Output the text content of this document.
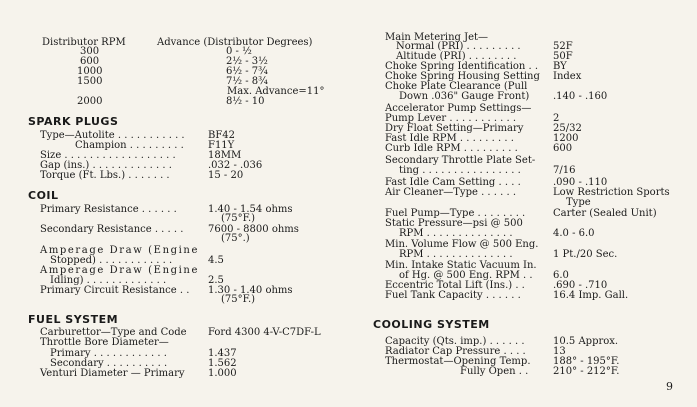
Distributor RPM	Advance (Distributor Degrees)
300	0 - ½
600	2½ - 3½
1000	6½ - 7¾
1500	7½ - 8¾
Max. Advance=11°
2000	8½ - 10
SPARK PLUGS
Type—Autolite . . . . . . . . . . . BF42
Champion . . . . . . . . . F11Y
Size . . . . . . . . . . . . . . . . . .	18MM
Gap (ins.) . . . . . . . . . . . . .	.032 - .036
Torque (Ft. Lbs.) . . . . . . .	15 - 20
COIL
Primary Resistance . . . . . .	1.40 - 1.54 ohms
(75°F.)
Secondary Resistance . . . . . 7600 - 8800 ohms
(75°.)
Amperage Draw (Engine
Stopped) . . . . . . . . . . . .	4.5
Amperage Draw (Engine
Idling) . . . . . . . . . . . . .	2.5
Primary Circuit Resistance . . 1.30 - 1.40 ohms
(75°F.)
FUEL SYSTEM
Carburettor—Type and Code Ford 4300 4-V-C7DF-L
Throttle Bore Diameter—
Primary . . . . . . . . . . . .	1.437
Secondary . . . . . . . . . .	1.562
Venturi Diameter — Primary 1.000
Main Metering Jet—
Normal (PRI) . . . . . . . . .	52F
Altitude (PRI) . . . . . . . .	50F
Choke Spring Identification . . BY
Choke Spring Housing Setting Index
Choke Plate Clearance (Pull
Down .036" Gauge Front) .140 - .160
Accelerator Pump Settings—
Pump Lever . . . . . . . . . . .	2
Dry Float Setting—Primary	25/32
Fast Idle RPM . . . . . . . . .	1200
Curb Idle RPM . . . . . . . . .	600
Secondary Throttle Plate Set-
ting . . . . . . . . . . . . . . . .	7/16
Fast Idle Cam Setting . . . .	.090 - .110
Air Cleaner—Type . . . . . .	Low Restriction Sports
Type
Fuel Pump—Type . . . . . . . .	Carter (Sealed Unit)
Static Pressure—psi @ 500
RPM . . . . . . . . . . . . . .	4.0 - 6.0
Min. Volume Flow @ 500 Eng.
RPM . . . . . . . . . . . . . .	1 Pt./20 Sec.
Min. Intake Static Vacuum In.
of Hg. @ 500 Eng. RPM . . 6.0
Eccentric Total Lift (Ins.) . .	.690 - .710
Fuel Tank Capacity . . . . . .	16.4 Imp. Gall.
COOLING SYSTEM
Capacity (Qts. imp.) . . . . . .	10.5 Approx.
Radiator Cap Pressure . . . .	13
Thermostat—Opening Temp. 188° - 195°F.
Fully Open . . 210° - 212°F.
9
